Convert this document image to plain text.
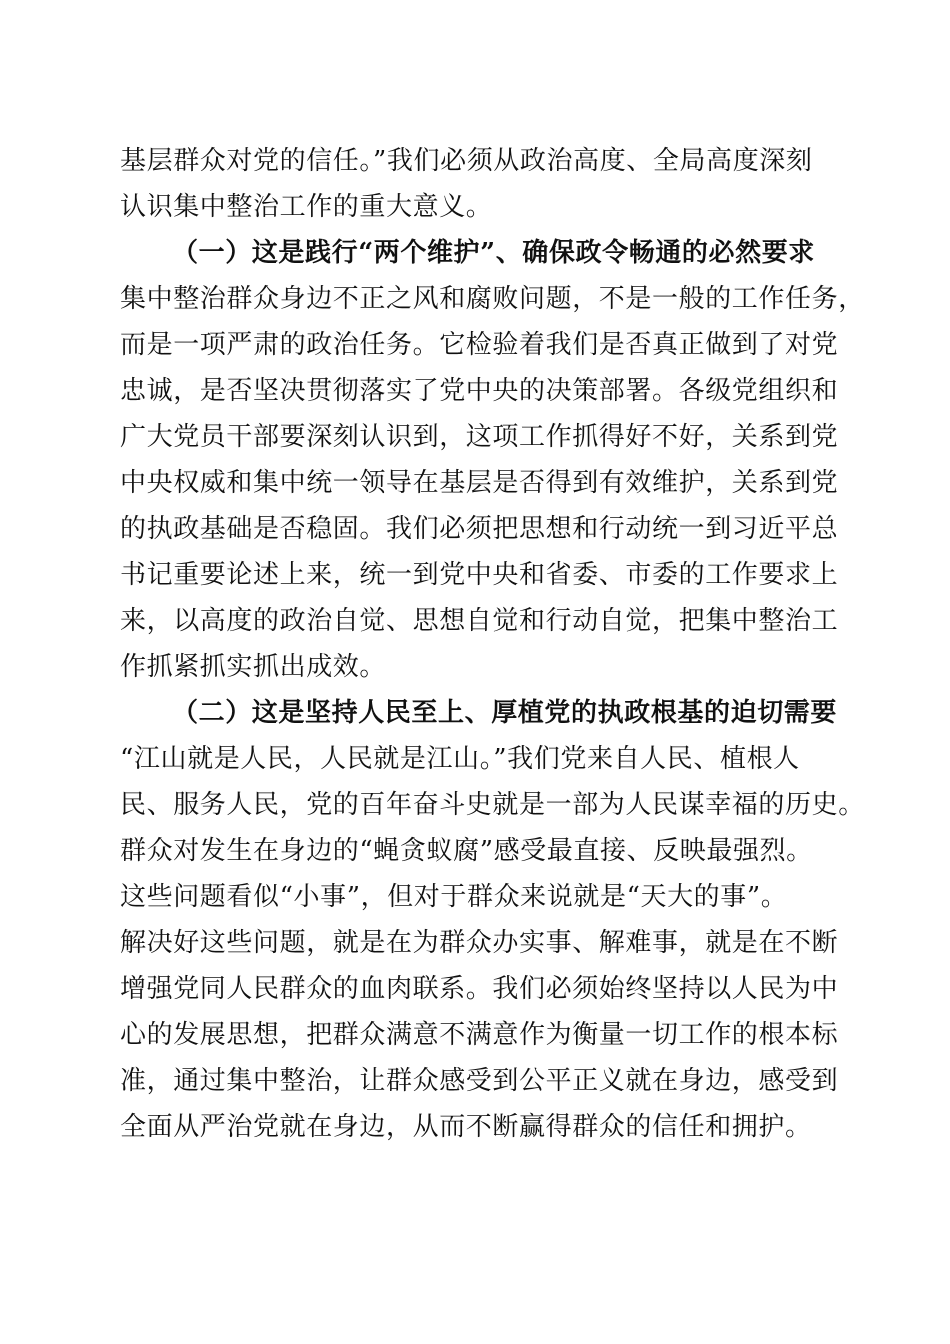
基层群众对党的信任。”我们必须从政治高度、全局高度深刻
认识集中整治工作的重大意义。
（一）这是践行“两个维护”、确保政令畅通的必然要求
集中整治群众身边不正之风和腐败问题，不是一般的工作任务，
而是一项严肃的政治任务。它检验着我们是否真正做到了对党
忠诚，是否坚决贯彻落实了党中央的决策部署。各级党组织和
广大党员干部要深刻认识到，这项工作抓得好不好，关系到党
中央权威和集中统一领导在基层是否得到有效维护，关系到党
的执政基础是否稳固。我们必须把思想和行动统一到习近平总
书记重要论述上来，统一到党中央和省委、市委的工作要求上
来，以高度的政治自觉、思想自觉和行动自觉，把集中整治工
作抓紧抓实抓出成效。
（二）这是坚持人民至上、厚植党的执政根基的迫切需要
“江山就是人民，人民就是江山。”我们党来自人民、植根人
民、服务人民，党的百年奋斗史就是一部为人民谋幸福的历史。
群众对发生在身边的“蝇贪蚁腐”感受最直接、反映最强烈。
这些问题看似“小事”，但对于群众来说就是“天大的事”。
解决好这些问题，就是在为群众办实事、解难事，就是在不断
增强党同人民群众的血肉联系。我们必须始终坚持以人民为中
心的发展思想，把群众满意不满意作为衡量一切工作的根本标
准，通过集中整治，让群众感受到公平正义就在身边，感受到
全面从严治党就在身边，从而不断赢得群众的信任和拥护。
